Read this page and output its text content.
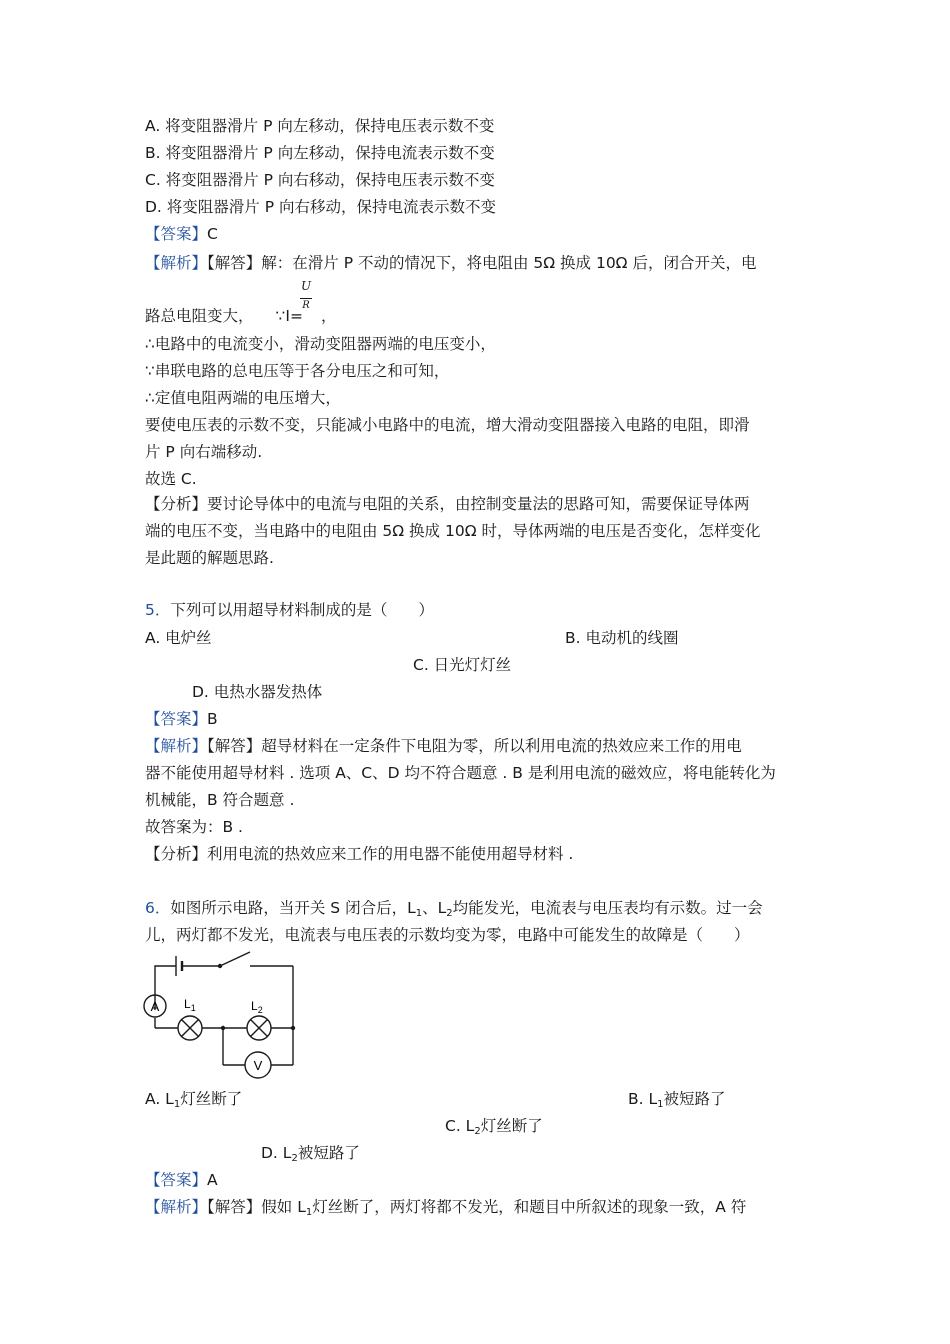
A. 将变阻器滑片 P 向左移动，保持电压表示数不变
B. 将变阻器滑片 P 向左移动，保持电流表示数不变
C. 将变阻器滑片 P 向右移动，保持电压表示数不变
D. 将变阻器滑片 P 向右移动，保持电流表示数不变
【答案】C
【解析】【解答】解：在滑片 P 不动的情况下，将电阻由 5Ω 换成 10Ω 后，闭合开关，电
路总电阻变大， ∵I= ，
U
R
∴电路中的电流变小，滑动变阻器两端的电压变小，
∵串联电路的总电压等于各分电压之和可知，
∴定值电阻两端的电压增大，
要使电压表的示数不变，只能减小电路中的电流，增大滑动变阻器接入电路的电阻，即滑
片 P 向右端移动.
故选 C.
【分析】要讨论导体中的电流与电阻的关系，由控制变量法的思路可知，需要保证导体两
端的电压不变，当电路中的电阻由 5Ω 换成 10Ω 时，导体两端的电压是否变化，怎样变化
是此题的解题思路.
5．下列可以用超导材料制成的是（　　）
A. 电炉丝	B. 电动机的线圈
C. 日光灯灯丝
D. 电热水器发热体
【答案】B
【解析】【解答】超导材料在一定条件下电阻为零，所以利用电流的热效应来工作的用电
器不能使用超导材料 . 选项 A、C、D 均不符合题意 . B 是利用电流的磁效应，将电能转化为
机械能，B 符合题意 .
故答案为：B .
【分析】利用电流的热效应来工作的用电器不能使用超导材料 .
6．如图所示电路，当开关 S 闭合后，$L_1$、$L_2$均能发光，电流表与电压表均有示数。过一会
儿，两灯都不发光，电流表与电压表的示数均变为零，电路中可能发生的故障是（　　）
A
V
$L_1$	$L_2$
A. $L_1$灯丝断了	B. $L_1$被短路了
C. $L_2$灯丝断了
D. $L_2$被短路了
【答案】A
【解析】【解答】假如 $L_1$灯丝断了，两灯将都不发光，和题目中所叙述的现象一致，A 符
